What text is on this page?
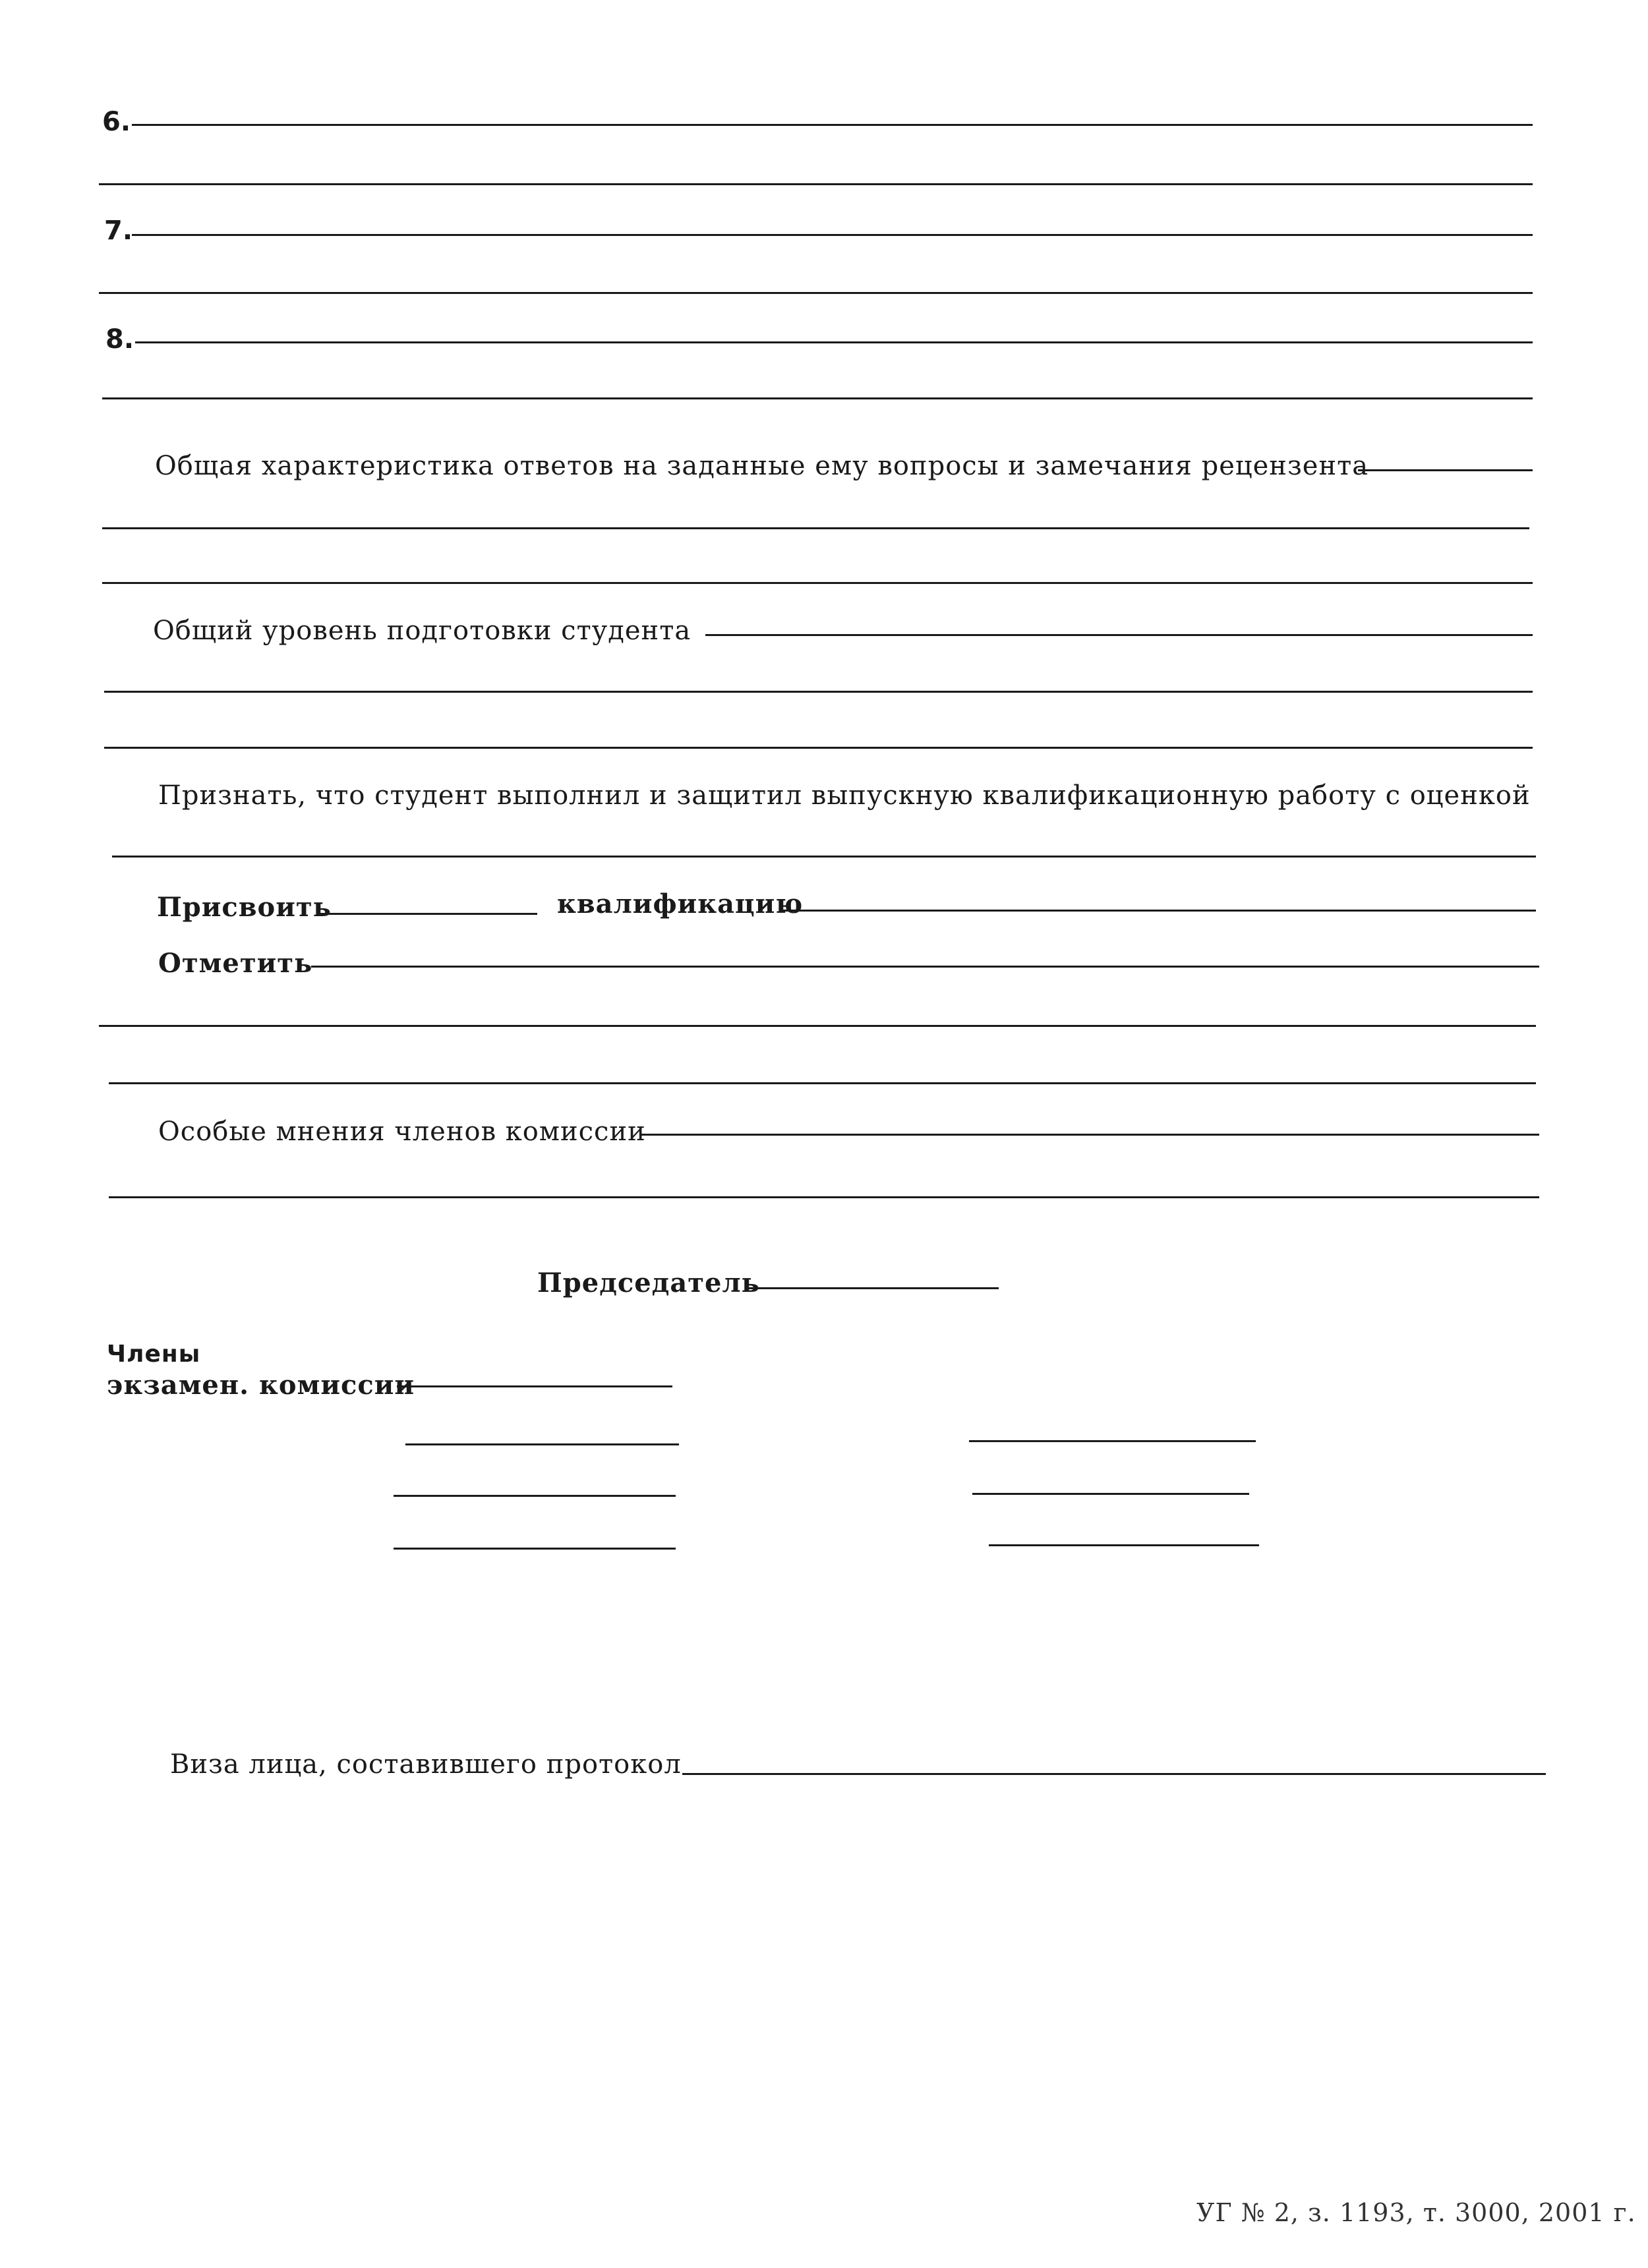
6.
7.
8.
Общая характеристика ответов на заданные ему вопросы и замечания рецензента
Общий уровень подготовки студента
Признать, что студент выполнил и защитил выпускную квалификационную работу с оценкой
Присвоить	квалификацию
Отметить
Особые мнения членов комиссии
Председатель
Члены
экзамен. комиссии
Виза лица, составившего протокол
УГ № 2, з. 1193, т. 3000, 2001 г.
